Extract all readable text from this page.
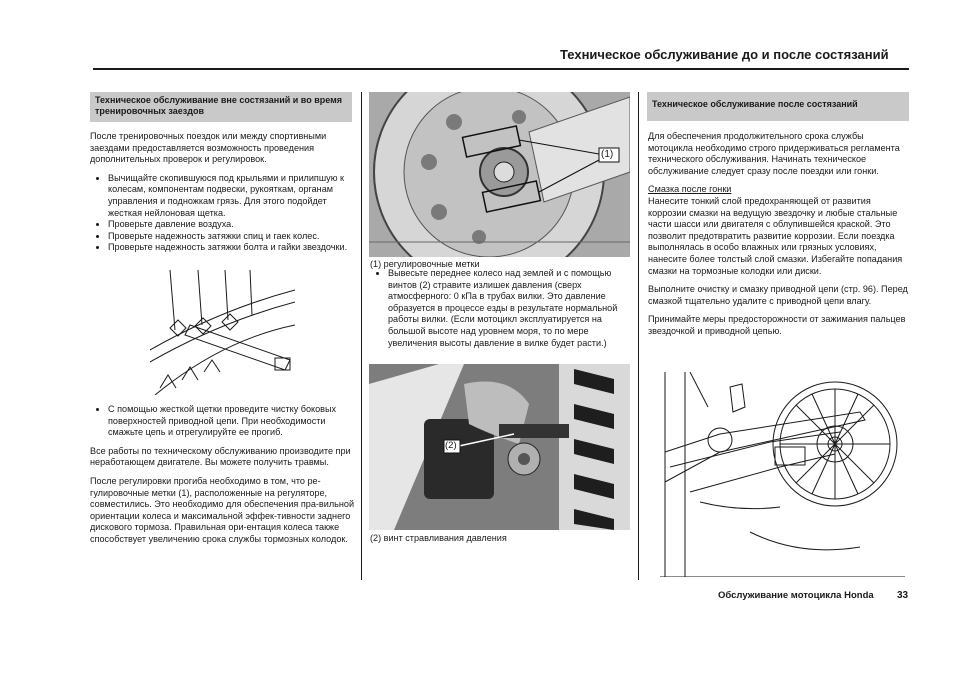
Техническое обслуживание до и после состязаний
Техническое обслуживание вне состязаний и во время тренировочных заездов

После тренировочных поездок или между спортивными заездами предоставляется возможность проведения дополнительных проверок и регулировок.

• Вычищайте скопившуюся под крыльями и прилипшую к колесам, компонентам подвески, рукояткам, органам управления и подножкам грязь. Для этого подойдет жесткая нейлоновая щетка.
• Проверьте давление воздуха.
• Проверьте надежность затяжки спиц и гаек колес.
• Проверьте надежность затяжки болта и гайки звездочки.
• С помощью жесткой щетки проведите чистку боковых поверхностей приводной цепи. При необходимости смажьте цепь и отрегулируйте ее прогиб.

Все работы по техническому обслуживанию производите при неработающем двигателе. Вы можете получить травмы.

После регулировки прогиба необходимо в том, что ре-гулировочные метки (1), расположенные на регуляторе, совместились. Это необходимо для обеспечения пра-вильной ориентации колеса и максимальной эффек-тивности заднего дискового тормоза. Правильная ори-ентация колеса также способствует увеличению срока службы тормозных колодок.

(1)
(1) регулировочные метки
• Вывесьте переднее колесо над землей и с помощью винтов (2) стравите излишек давления (сверх атмосферного: 0 кПа в трубах вилки. Это давление образуется в процессе езды в результате нормальной работы вилки. (Если мотоцикл эксплуатируется на большой высоте над уровнем моря, то по мере увеличения высоты давление в вилке будет расти.)
(2)
(2) винт стравливания давления
Техническое обслуживание после состязаний

Для обеспечения продолжительного срока службы мотоцикла необходимо строго придерживаться регламента технического обслуживания. Начинать техническое обслуживание следует сразу после поездки или гонки.

Смазка после гонки

Нанесите тонкий слой предохраняющей от развития коррозии смазки на ведущую звездочку и любые стальные части шасси или двигателя с облупившейся краской. Это позволит предотвратить развитие коррозии. Если поездка выполнялась в особо влажных или грязных условиях, нанесите более толстый слой смазки. Избегайте попадания смазки на тормозные колодки или диски.

Выполните очистку и смазку приводной цепи (стр. 96). Перед смазкой тщательно удалите с приводной цепи влагу.

Принимайте меры предосторожности от зажимания пальцев звездочкой и приводной цепью.

Обслуживание мотоцикла Honda 33
